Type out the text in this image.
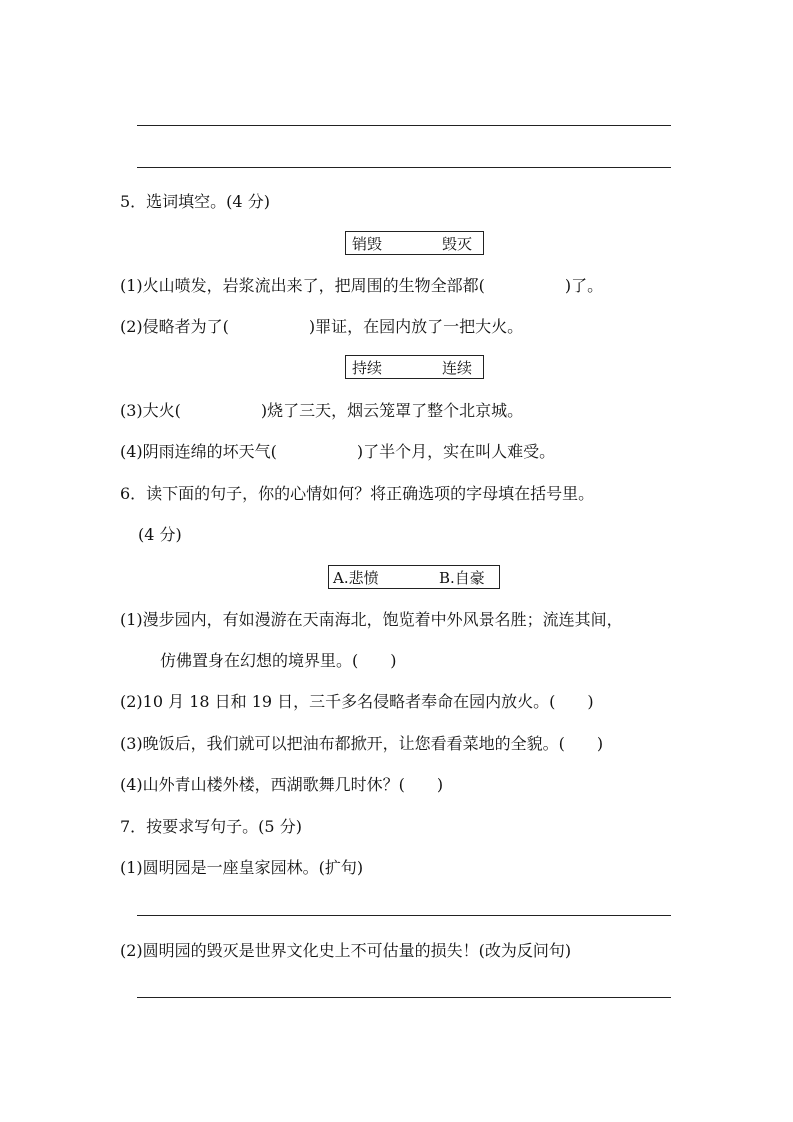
5．选词填空。(4 分)
销毁	毁灭
(1)火山喷发，岩浆流出来了，把周围的生物全部都(　　　　　)了。
(2)侵略者为了(　　　　　)罪证，在园内放了一把大火。
持续	连续
(3)大火(　　　　　)烧了三天，烟云笼罩了整个北京城。
(4)阴雨连绵的坏天气(　　　　　)了半个月，实在叫人难受。
6．读下面的句子，你的心情如何？将正确选项的字母填在括号里。
(4 分)
A.悲愤	B.自豪
(1)漫步园内，有如漫游在天南海北，饱览着中外风景名胜；流连其间，
仿佛置身在幻想的境界里。(　　)
(2)10 月 18 日和 19 日，三千多名侵略者奉命在园内放火。(　　)
(3)晚饭后，我们就可以把油布都掀开，让您看看菜地的全貌。(　　)
(4)山外青山楼外楼，西湖歌舞几时休？(　　)
7．按要求写句子。(5 分)
(1)圆明园是一座皇家园林。(扩句)
(2)圆明园的毁灭是世界文化史上不可估量的损失！(改为反问句)
